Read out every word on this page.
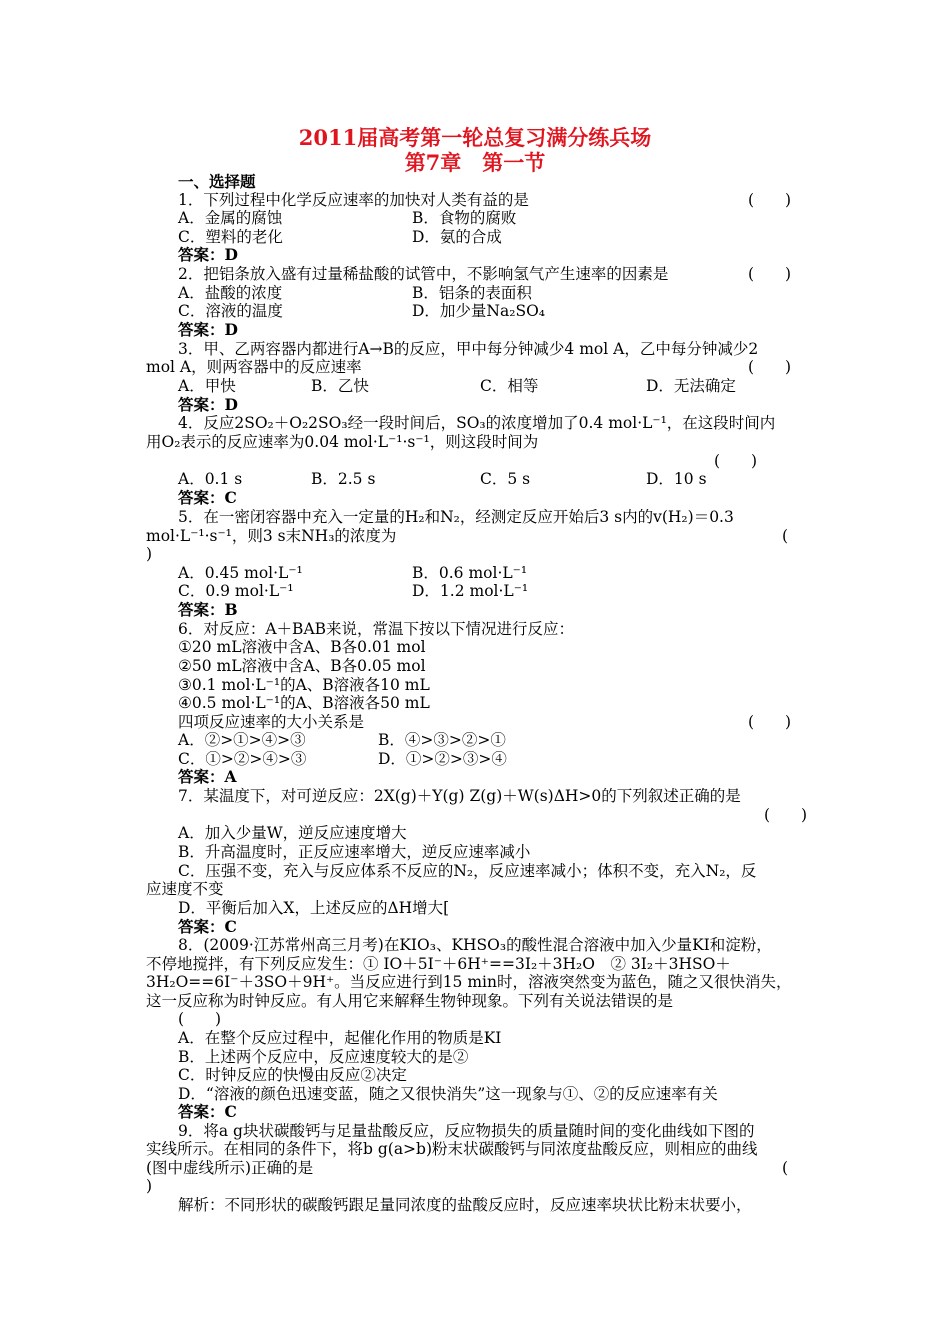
2011届高考第一轮总复习满分练兵场
第7章　第一节
一、选择题
1．下列过程中化学反应速率的加快对人类有益的是	(　　)
A．金属的腐蚀	B．食物的腐败
C．塑料的老化	D．氨的合成
答案：D
2．把铝条放入盛有过量稀盐酸的试管中，不影响氢气产生速率的因素是	(　　)
A．盐酸的浓度	B．铝条的表面积
C．溶液的温度	D．加少量Na₂SO₄
答案：D
3．甲、乙两容器内都进行A→B的反应，甲中每分钟减少4 mol A，乙中每分钟减少2
mol A，则两容器中的反应速率	(　　)
A．甲快	B．乙快	C．相等	D．无法确定
答案：D
4．反应2SO₂＋O₂2SO₃经一段时间后，SO₃的浓度增加了0.4 mol·L⁻¹，在这段时间内
用O₂表示的反应速率为0.04 mol·L⁻¹·s⁻¹，则这段时间为
(　　)
A．0.1 s	B．2.5 s	C．5 s	D．10 s
答案：C
5．在一密闭容器中充入一定量的H₂和N₂，经测定反应开始后3 s内的v(H₂)＝0.3
mol·L⁻¹·s⁻¹，则3 s末NH₃的浓度为	(
)
A．0.45 mol·L⁻¹	B．0.6 mol·L⁻¹
C．0.9 mol·L⁻¹	D．1.2 mol·L⁻¹
答案：B
6．对反应：A＋BAB来说，常温下按以下情况进行反应：
①20 mL溶液中含A、B各0.01 mol
②50 mL溶液中含A、B各0.05 mol
③0.1 mol·L⁻¹的A、B溶液各10 mL
④0.5 mol·L⁻¹的A、B溶液各50 mL
四项反应速率的大小关系是	(　　)
A．②>①>④>③	B．④>③>②>①
C．①>②>④>③	D．①>②>③>④
答案：A
7．某温度下，对可逆反应：2X(g)＋Y(g) Z(g)＋W(s)ΔH>0的下列叙述正确的是
(　　)
A．加入少量W，逆反应速度增大
B．升高温度时，正反应速率增大，逆反应速率减小
C．压强不变，充入与反应体系不反应的N₂，反应速率减小；体积不变，充入N₂，反
应速度不变
D．平衡后加入X，上述反应的ΔH增大[
答案：C
8．(2009·江苏常州高三月考)在KIO₃、KHSO₃的酸性混合溶液中加入少量KI和淀粉，
不停地搅拌，有下列反应发生：① IO＋5I⁻＋6H⁺==3I₂＋3H₂O　② 3I₂＋3HSO＋
3H₂O==6I⁻＋3SO＋9H⁺。当反应进行到15 min时，溶液突然变为蓝色，随之又很快消失，
这一反应称为时钟反应。有人用它来解释生物钟现象。下列有关说法错误的是
(　　)
A．在整个反应过程中，起催化作用的物质是KI
B．上述两个反应中，反应速度较大的是②
C．时钟反应的快慢由反应②决定
D．“溶液的颜色迅速变蓝，随之又很快消失”这一现象与①、②的反应速率有关
答案：C
9．将a g块状碳酸钙与足量盐酸反应，反应物损失的质量随时间的变化曲线如下图的
实线所示。在相同的条件下，将b g(a>b)粉末状碳酸钙与同浓度盐酸反应，则相应的曲线
(图中虚线所示)正确的是	(
)
解析：不同形状的碳酸钙跟足量同浓度的盐酸反应时，反应速率块状比粉末状要小，
